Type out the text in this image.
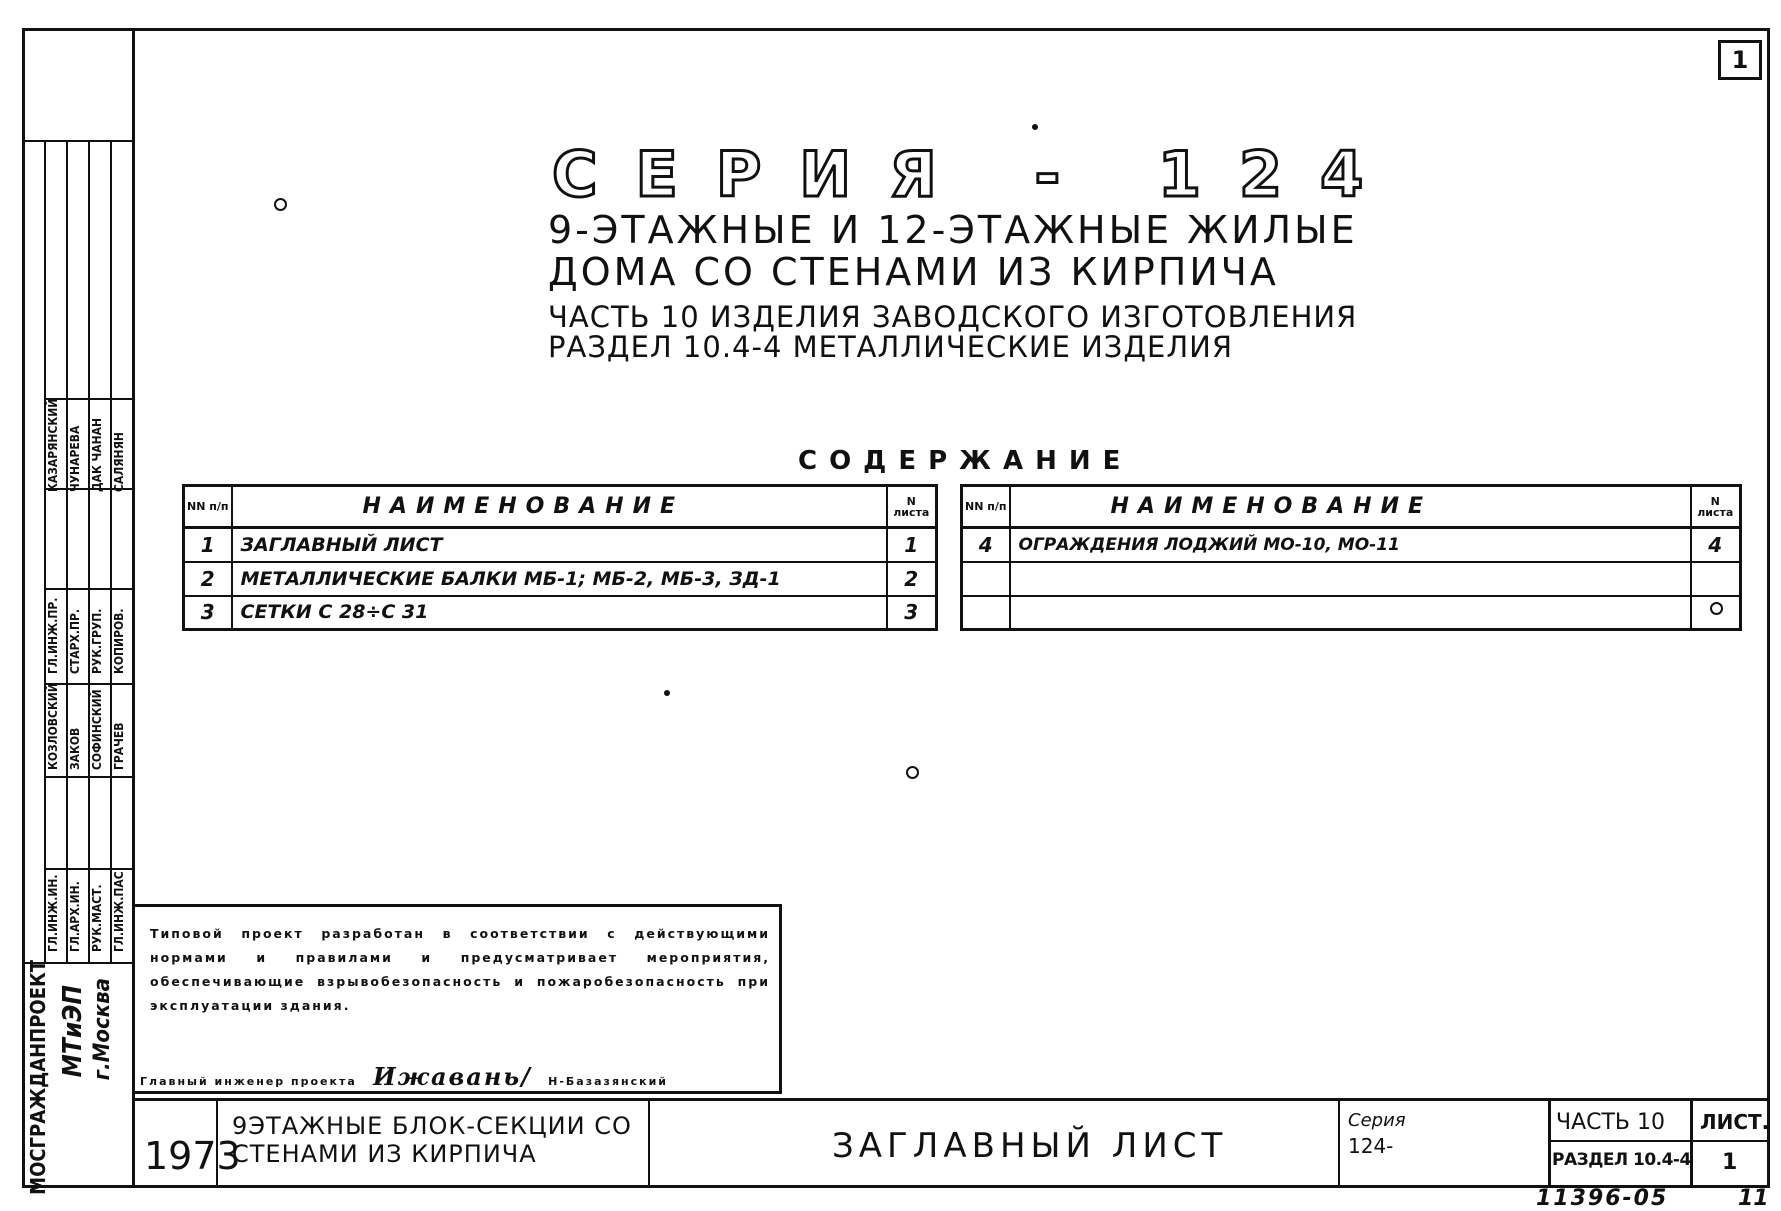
1
ГЛ.ИНЖ.ИН. ГЛ.АРХ.ИН. РУК.МАСТ. ГЛ.ИНЖ.ПАС
ГЛ.ИНЖ.ПР. СТАРХ.ПР. РУК.ГРУП. КОПИРОВ.
КОЗЛОВСКИЙ ЗАКОВ СОФИНСКИЙ ГРАЧЕВ
КАЗАРЯНСКИЙ ЧУНАРЕВА ДАК ЧАНАН САЛЯНЯН
МОСГРАЖДАНПРОЕКТ МТиЭП г.Москва
СЕРИЯ - 124
9-ЭТАЖНЫЕ И 12-ЭТАЖНЫЕ ЖИЛЫЕ
ДОМА СО СТЕНАМИ ИЗ КИРПИЧА
ЧАСТЬ 10 ИЗДЕЛИЯ ЗАВОДСКОГО ИЗГОТОВЛЕНИЯ
РАЗДЕЛ 10.4-4 МЕТАЛЛИЧЕСКИЕ ИЗДЕЛИЯ
СОДЕРЖАНИЕ
NN п/п	НАИМЕНОВАНИЕ	N листа
1	ЗАГЛАВНЫЙ ЛИСТ	1
2	МЕТАЛЛИЧЕСКИЕ БАЛКИ МБ-1; МБ-2, МБ-3, ЗД-1	2
3	СЕТКИ С 28÷С 31	3
NN п/п	НАИМЕНОВАНИЕ	N листа
4	ОГРАЖДЕНИЯ ЛОДЖИЙ МО-10, МО-11	4

Типовой проект разработан в соответствии с действующими нормами и правилами и предусматривает мероприятия, обеспечивающие взрывобезопасность и пожаробезопасность при эксплуатации здания.
Главный инженер проекта  Ижавань/  Н-Базазянский
1973
9ЭТАЖНЫЕ БЛОК-СЕКЦИИ СО
СТЕНАМИ ИЗ КИРПИЧА	ЗАГЛАВНЫЙ ЛИСТ
Серия
124-
ЧАСТЬ 10
РАЗДЕЛ 10.4-4
ЛИСТ.
1
11396-05	11
